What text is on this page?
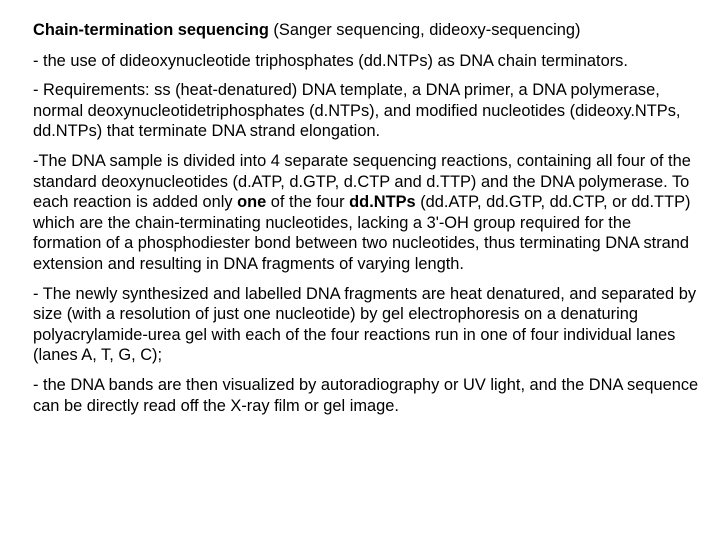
Chain-termination sequencing (Sanger sequencing, dideoxy-sequencing)

- the use of dideoxynucleotide triphosphates (dd.NTPs) as DNA chain terminators.

- Requirements: ss (heat-denatured) DNA template, a DNA primer, a DNA polymerase, normal deoxynucleotidetriphosphates (d.NTPs), and modified nucleotides (dideoxy.NTPs, dd.NTPs) that terminate DNA strand elongation.

-The DNA sample is divided into 4 separate sequencing reactions, containing all four of the standard deoxynucleotides (d.ATP, d.GTP, d.CTP and d.TTP) and the DNA polymerase. To each reaction is added only one of the four dd.NTPs (dd.ATP, dd.GTP, dd.CTP, or dd.TTP) which are the chain-terminating nucleotides, lacking a 3'-OH group required for the formation of a phosphodiester bond between two nucleotides, thus terminating DNA strand extension and resulting in DNA fragments of varying length.

- The newly synthesized and labelled DNA fragments are heat denatured, and separated by size (with a resolution of just one nucleotide) by gel electrophoresis on a denaturing polyacrylamide-urea gel with each of the four reactions run in one of four individual lanes (lanes A, T, G, C);

- the DNA bands are then visualized by autoradiography or UV light, and the DNA sequence can be directly read off the X-ray film or gel image.
